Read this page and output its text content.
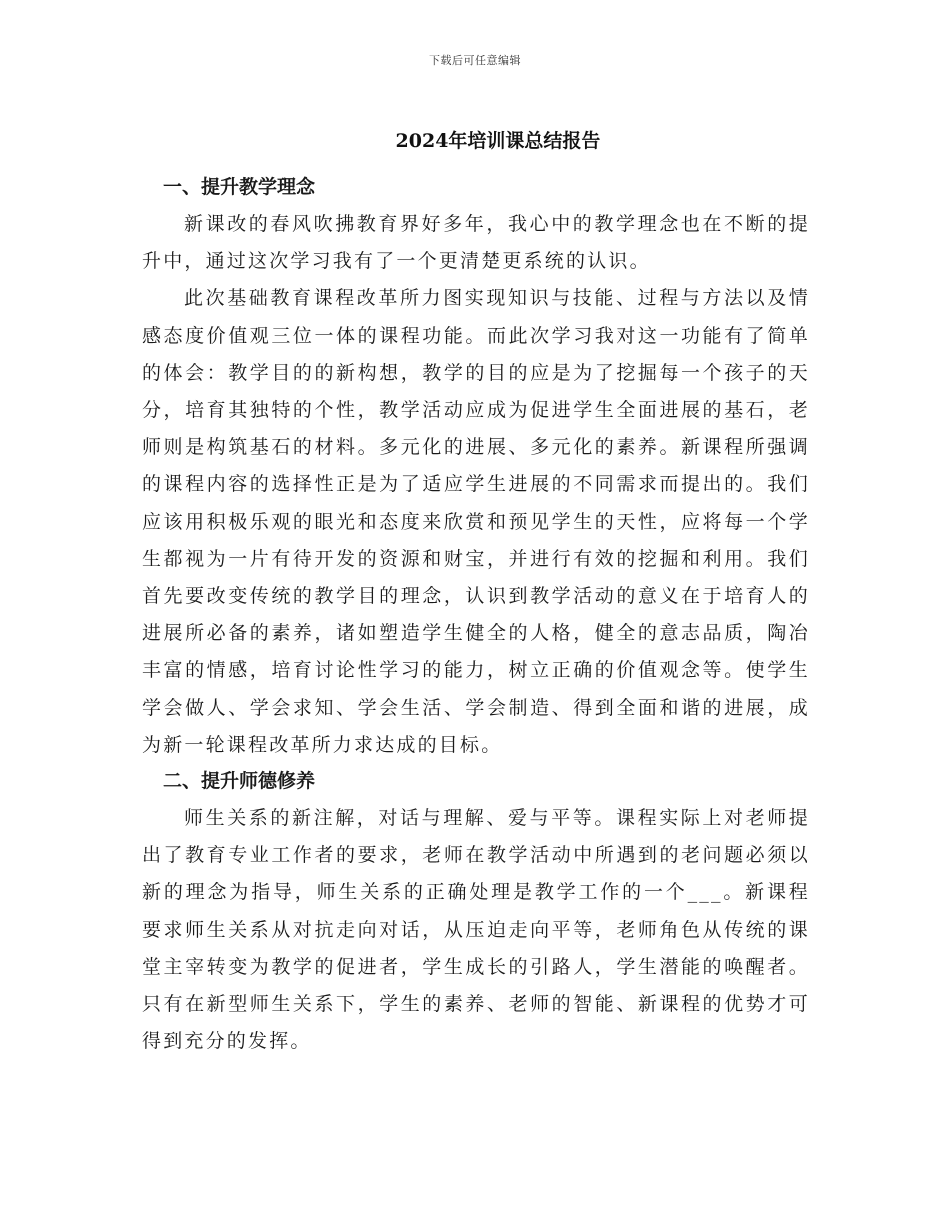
下载后可任意编辑
2024年培训课总结报告

一、提升教学理念

新课改的春风吹拂教育界好多年，我心中的教学理念也在不断的提升中，通过这次学习我有了一个更清楚更系统的认识。

此次基础教育课程改革所力图实现知识与技能、过程与方法以及情感态度价值观三位一体的课程功能。而此次学习我对这一功能有了简单的体会：教学目的的新构想，教学的目的应是为了挖掘每一个孩子的天分，培育其独特的个性，教学活动应成为促进学生全面进展的基石，老师则是构筑基石的材料。多元化的进展、多元化的素养。新课程所强调的课程内容的选择性正是为了适应学生进展的不同需求而提出的。我们应该用积极乐观的眼光和态度来欣赏和预见学生的天性，应将每一个学生都视为一片有待开发的资源和财宝，并进行有效的挖掘和利用。我们首先要改变传统的教学目的理念，认识到教学活动的意义在于培育人的进展所必备的素养，诸如塑造学生健全的人格，健全的意志品质，陶冶丰富的情感，培育讨论性学习的能力，树立正确的价值观念等。使学生学会做人、学会求知、学会生活、学会制造、得到全面和谐的进展，成为新一轮课程改革所力求达成的目标。

二、提升师德修养

师生关系的新注解，对话与理解、爱与平等。课程实际上对老师提出了教育专业工作者的要求，老师在教学活动中所遇到的老问题必须以新的理念为指导，师生关系的正确处理是教学工作的一个___。新课程要求师生关系从对抗走向对话，从压迫走向平等，老师角色从传统的课堂主宰转变为教学的促进者，学生成长的引路人，学生潜能的唤醒者。只有在新型师生关系下，学生的素养、老师的智能、新课程的优势才可得到充分的发挥。
